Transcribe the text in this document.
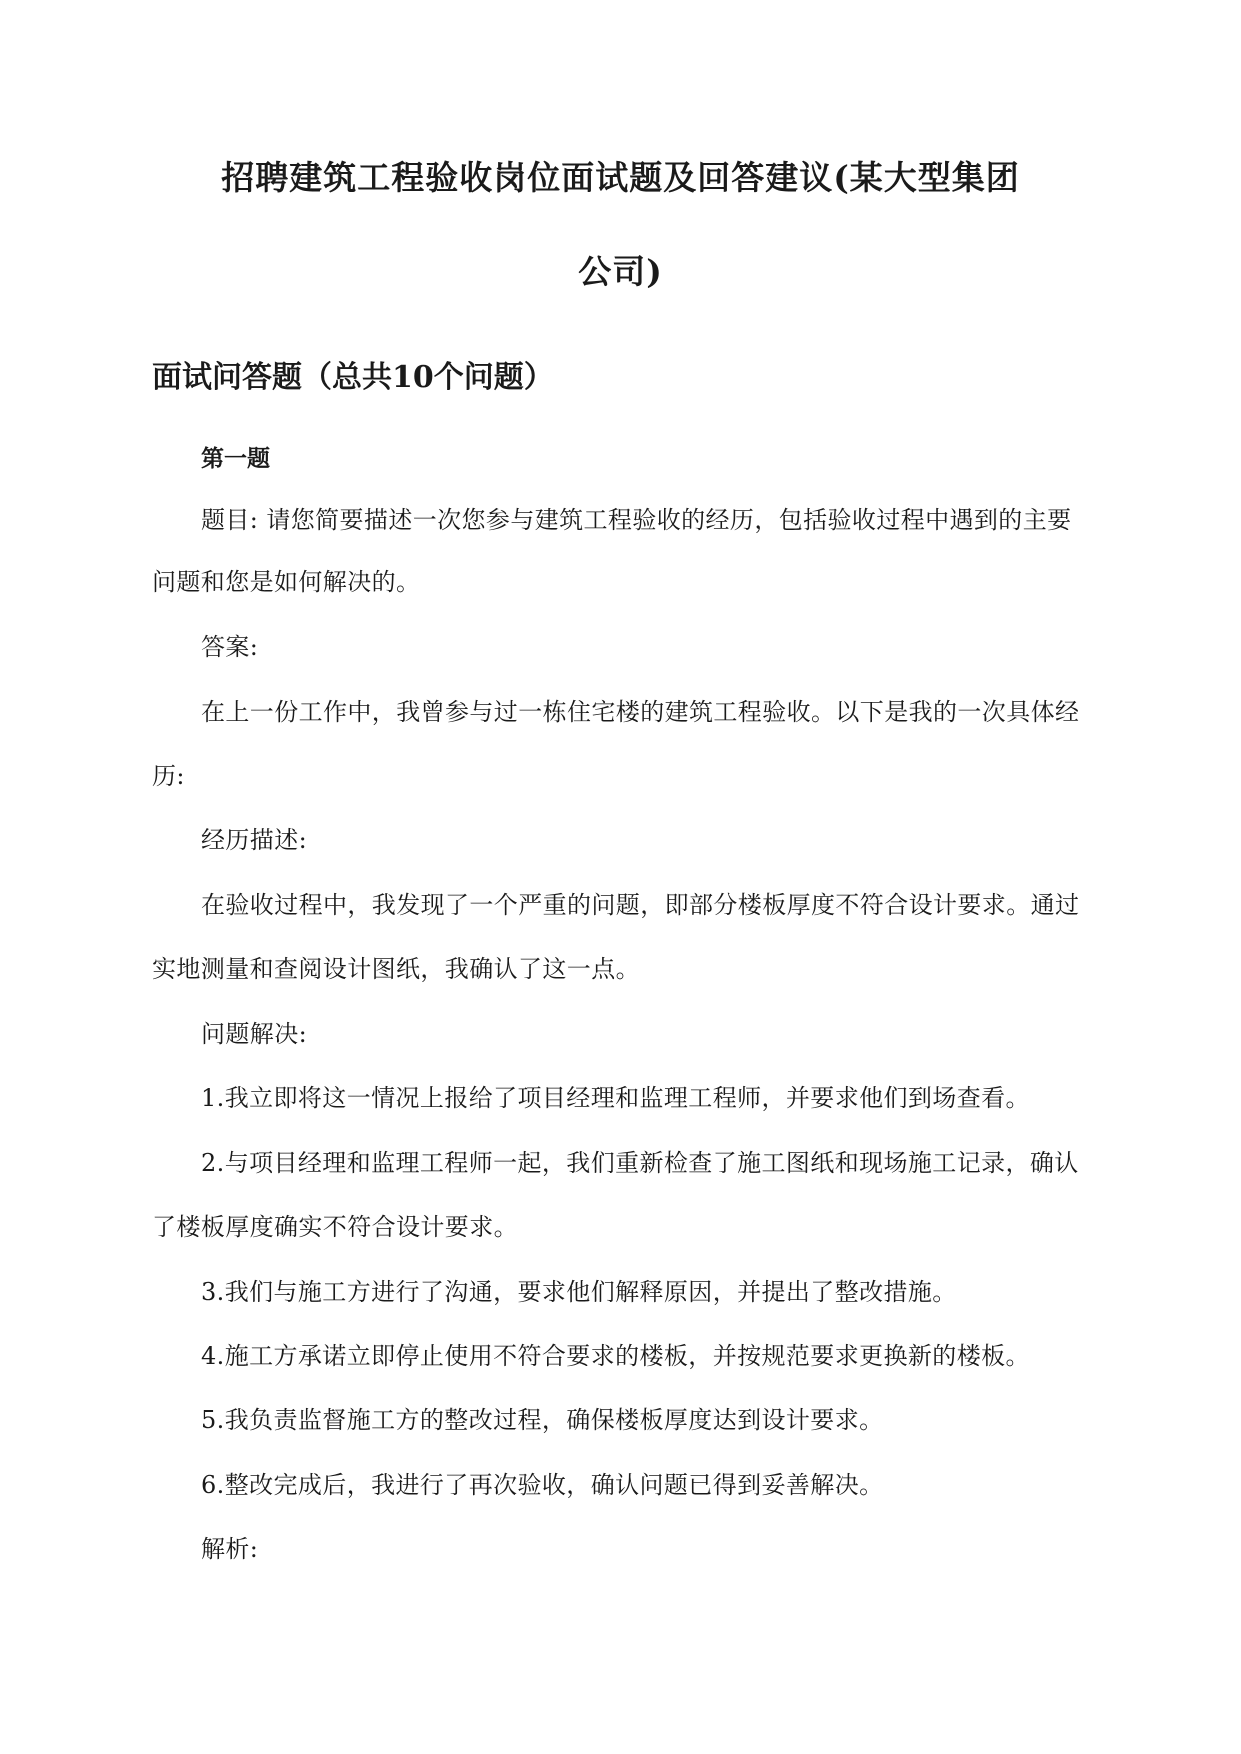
招聘建筑工程验收岗位面试题及回答建议(某大型集团
公司)
面试问答题（总共10个问题）
第一题
题目: 请您简要描述一次您参与建筑工程验收的经历，包括验收过程中遇到的主要
问题和您是如何解决的。
答案:
在上一份工作中，我曾参与过一栋住宅楼的建筑工程验收。以下是我的一次具体经
历:
经历描述:
在验收过程中，我发现了一个严重的问题，即部分楼板厚度不符合设计要求。通过
实地测量和查阅设计图纸，我确认了这一点。
问题解决:
1.我立即将这一情况上报给了项目经理和监理工程师，并要求他们到场查看。
2.与项目经理和监理工程师一起，我们重新检查了施工图纸和现场施工记录，确认
了楼板厚度确实不符合设计要求。
3.我们与施工方进行了沟通，要求他们解释原因，并提出了整改措施。
4.施工方承诺立即停止使用不符合要求的楼板，并按规范要求更换新的楼板。
5.我负责监督施工方的整改过程，确保楼板厚度达到设计要求。
6.整改完成后，我进行了再次验收，确认问题已得到妥善解决。
解析:
